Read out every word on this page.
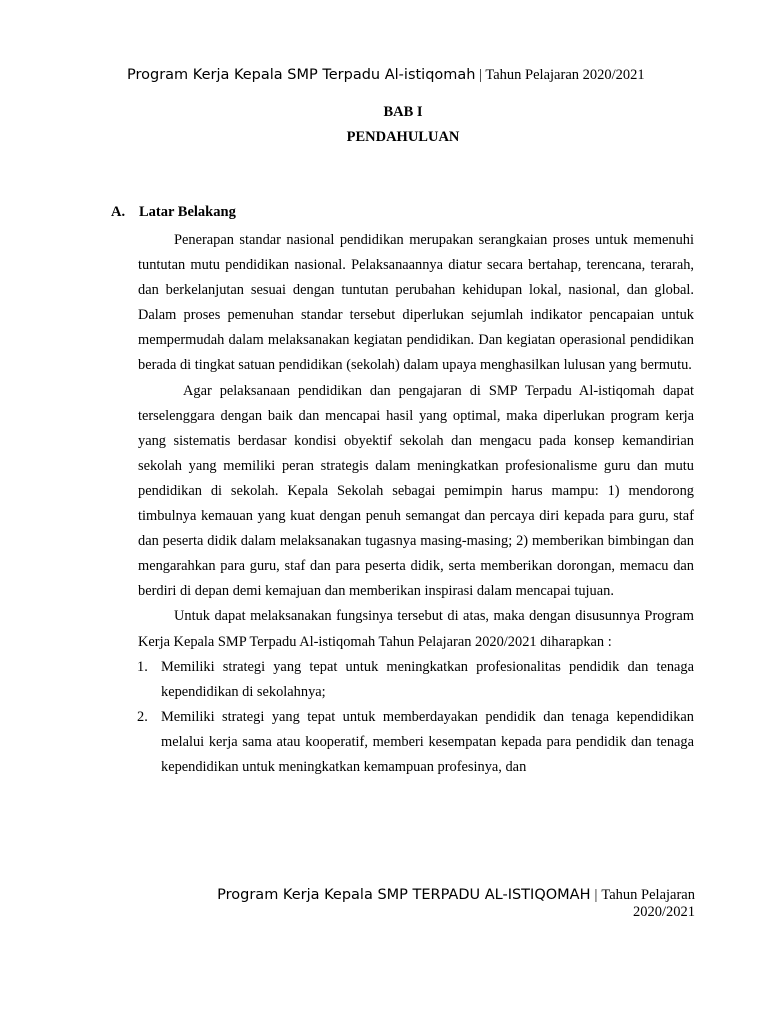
Program Kerja Kepala SMP Terpadu Al-istiqomah | Tahun Pelajaran 2020/2021
BAB I
PENDAHULUAN
A. Latar Belakang

Penerapan standar nasional pendidikan merupakan serangkaian proses untuk memenuhi tuntutan mutu pendidikan nasional. Pelaksanaannya diatur secara bertahap, terencana, terarah, dan berkelanjutan sesuai dengan tuntutan perubahan kehidupan lokal, nasional, dan global. Dalam proses pemenuhan standar tersebut diperlukan sejumlah indikator pencapaian untuk mempermudah dalam melaksanakan kegiatan pendidikan. Dan kegiatan operasional pendidikan berada di tingkat satuan pendidikan (sekolah) dalam upaya menghasilkan lulusan yang bermutu.

Agar pelaksanaan pendidikan dan pengajaran di SMP Terpadu Al-istiqomah dapat terselenggara dengan baik dan mencapai hasil yang optimal, maka diperlukan program kerja yang sistematis berdasar kondisi obyektif sekolah dan mengacu pada konsep kemandirian sekolah yang memiliki peran strategis dalam meningkatkan profesionalisme guru dan mutu pendidikan di sekolah. Kepala Sekolah sebagai pemimpin harus mampu: 1) mendorong timbulnya kemauan yang kuat dengan penuh semangat dan percaya diri kepada para guru, staf dan peserta didik dalam melaksanakan tugasnya masing-masing; 2) memberikan bimbingan dan mengarahkan para guru, staf dan para peserta didik, serta memberikan dorongan, memacu dan berdiri di depan demi kemajuan dan memberikan inspirasi dalam mencapai tujuan.

Untuk dapat melaksanakan fungsinya tersebut di atas, maka dengan disusunnya Program Kerja Kepala SMP Terpadu Al-istiqomah Tahun Pelajaran 2020/2021 diharapkan :

1. Memiliki strategi yang tepat untuk meningkatkan profesionalitas pendidik dan tenaga kependidikan di sekolahnya;
2. Memiliki strategi yang tepat untuk memberdayakan pendidik dan tenaga kependidikan melalui kerja sama atau kooperatif, memberi kesempatan kepada para pendidik dan tenaga kependidikan untuk meningkatkan kemampuan profesinya, dan
Program Kerja Kepala SMP TERPADU AL-ISTIQOMAH | Tahun Pelajaran
2020/2021
